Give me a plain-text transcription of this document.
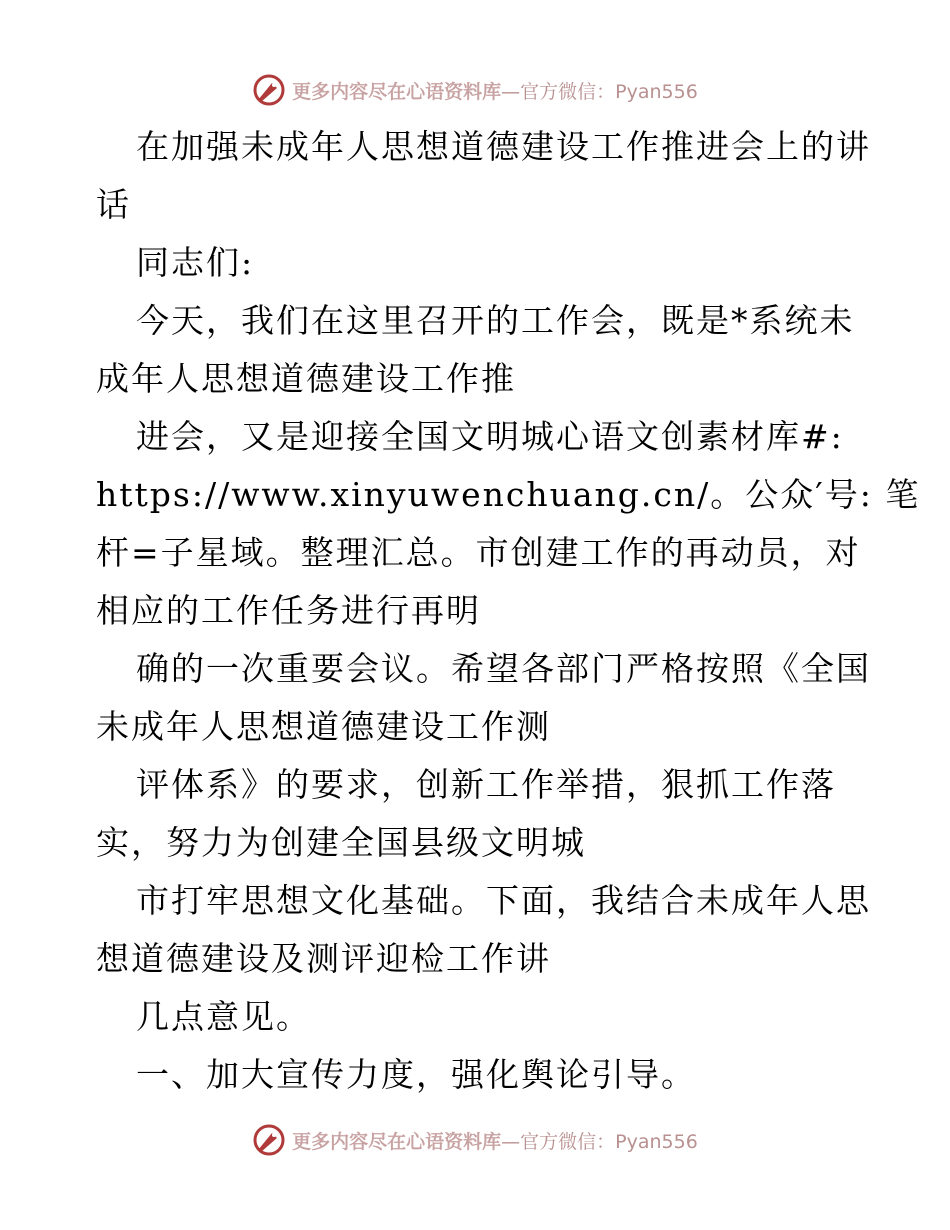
更多内容尽在心语资料库—官方微信：Pyan556
在加强未成年人思想道德建设工作推进会上的讲
话
同志们:
今天，我们在这里召开的工作会，既是*系统未
成年人思想道德建设工作推
进会，又是迎接全国文明城心语文创素材库#:
https://www.xinyuwenchuang.cn/。公众′号: 笔
杆=子星域。整理汇总。市创建工作的再动员，对
相应的工作任务进行再明
确的一次重要会议。希望各部门严格按照《全国
未成年人思想道德建设工作测
评体系》的要求，创新工作举措，狠抓工作落
实，努力为创建全国县级文明城
市打牢思想文化基础。下面，我结合未成年人思
想道德建设及测评迎检工作讲
几点意见。
一、加大宣传力度，强化舆论引导。
更多内容尽在心语资料库—官方微信：Pyan556
